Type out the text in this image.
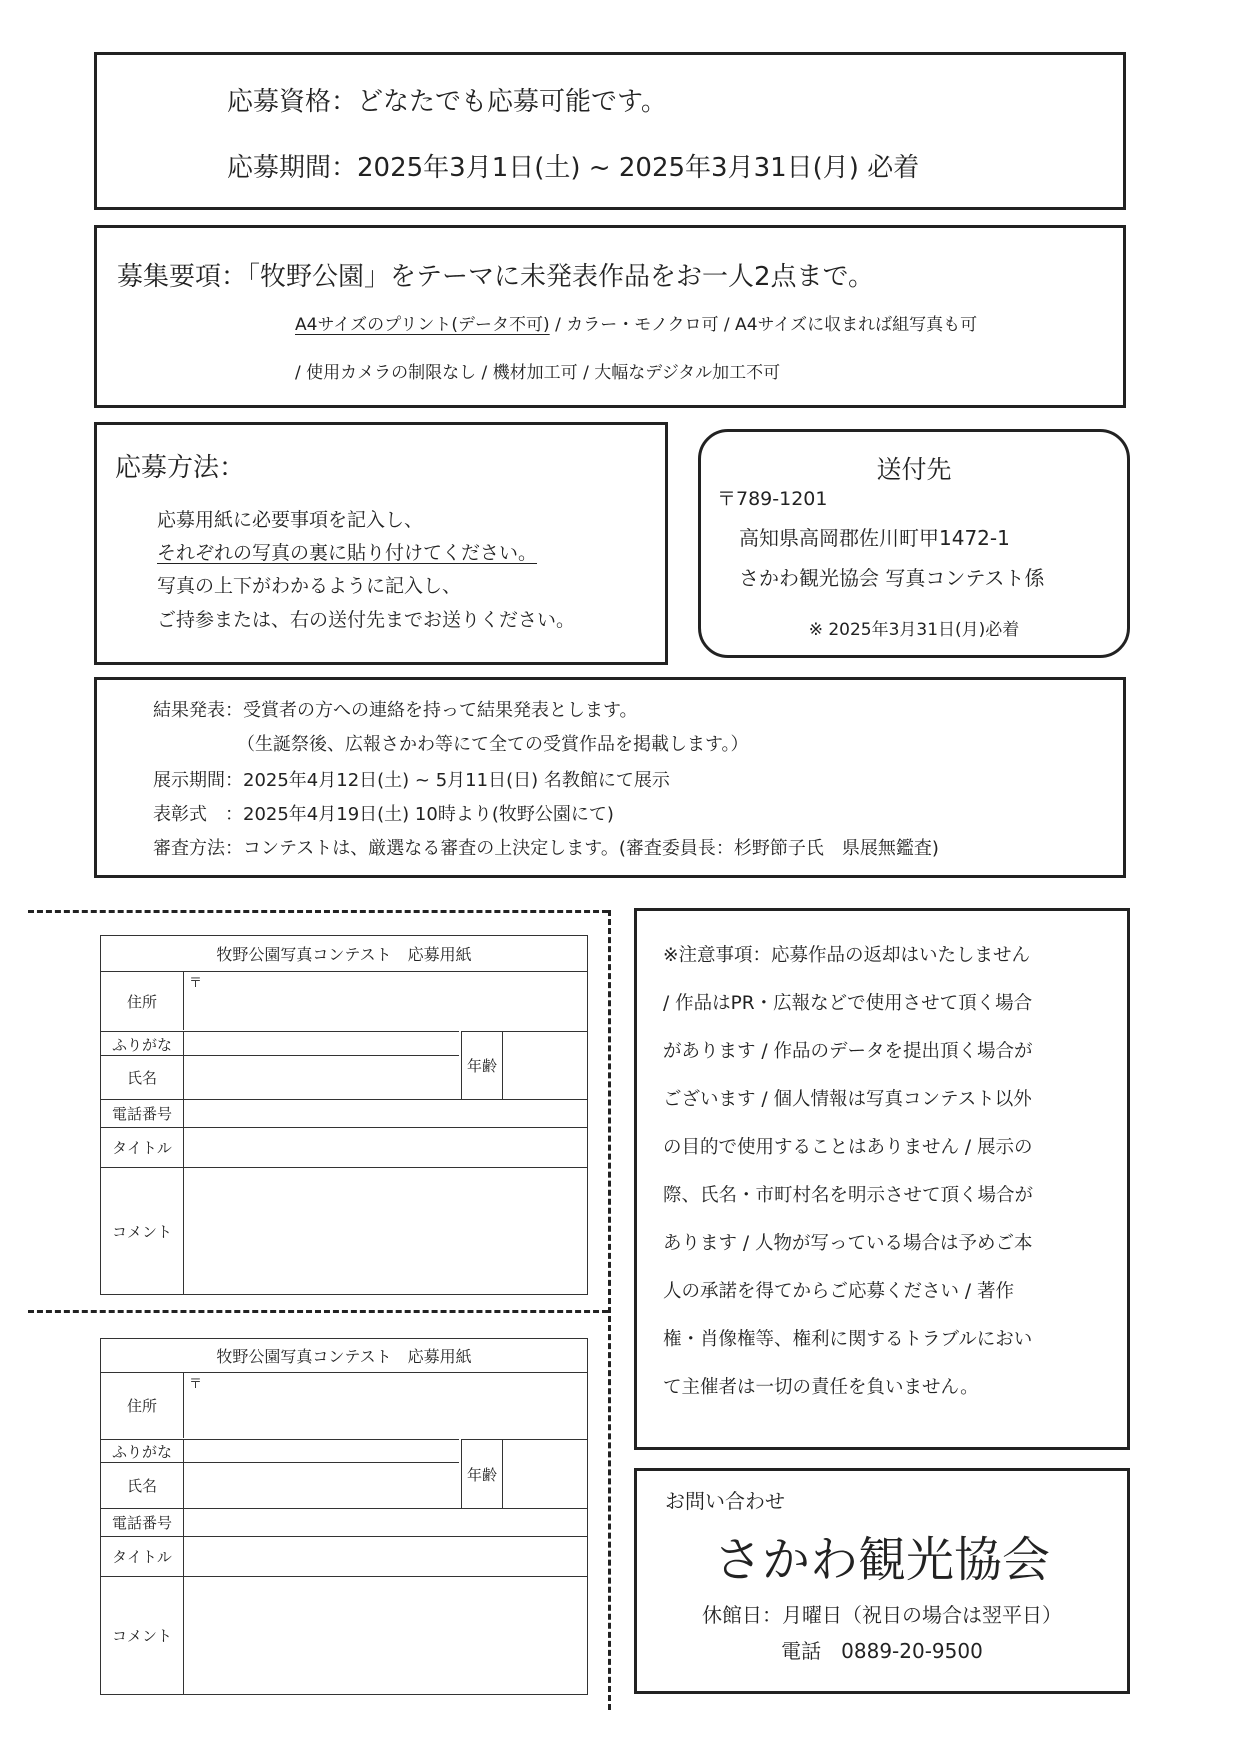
応募資格：どなたでも応募可能です。
応募期間：2025年3月1日(土) ~ 2025年3月31日(月) 必着
募集要項：「牧野公園」をテーマに未発表作品をお一人2点まで。
A4サイズのプリント(データ不可) / カラー・モノクロ可 / A4サイズに収まれば組写真も可
/ 使用カメラの制限なし / 機材加工可 / 大幅なデジタル加工不可
応募方法：
応募用紙に必要事項を記入し、
それぞれの写真の裏に貼り付けてください。
写真の上下がわかるように記入し、
ご持参または、右の送付先までお送りください。
送付先
〒789-1201
高知県高岡郡佐川町甲1472-1
さかわ観光協会 写真コンテスト係
※ 2025年3月31日(月)必着
結果発表：受賞者の方への連絡を持って結果発表とします。
（生誕祭後、広報さかわ等にて全ての受賞作品を掲載します。）
展示期間：2025年4月12日(土) ~ 5月11日(日) 名教館にて展示
表彰式　：2025年4月19日(土) 10時より(牧野公園にて)
審査方法：コンテストは、厳選なる審査の上決定します。(審査委員長：杉野節子氏　県展無鑑査)
牧野公園写真コンテスト　応募用紙
住所
〒
ふりがな
氏名
年齢
電話番号
タイトル
コメント
牧野公園写真コンテスト　応募用紙
住所
〒
ふりがな
氏名
年齢
電話番号
タイトル
コメント
※注意事項：応募作品の返却はいたしません
/ 作品はPR・広報などで使用させて頂く場合
があります / 作品のデータを提出頂く場合が
ございます / 個人情報は写真コンテスト以外
の目的で使用することはありません / 展示の
際、氏名・市町村名を明示させて頂く場合が
あります / 人物が写っている場合は予めご本
人の承諾を得てからご応募ください / 著作
権・肖像権等、権利に関するトラブルにおい
て主催者は一切の責任を負いません。
お問い合わせ
さかわ観光協会
休館日：月曜日（祝日の場合は翌平日）
電話　0889-20-9500
